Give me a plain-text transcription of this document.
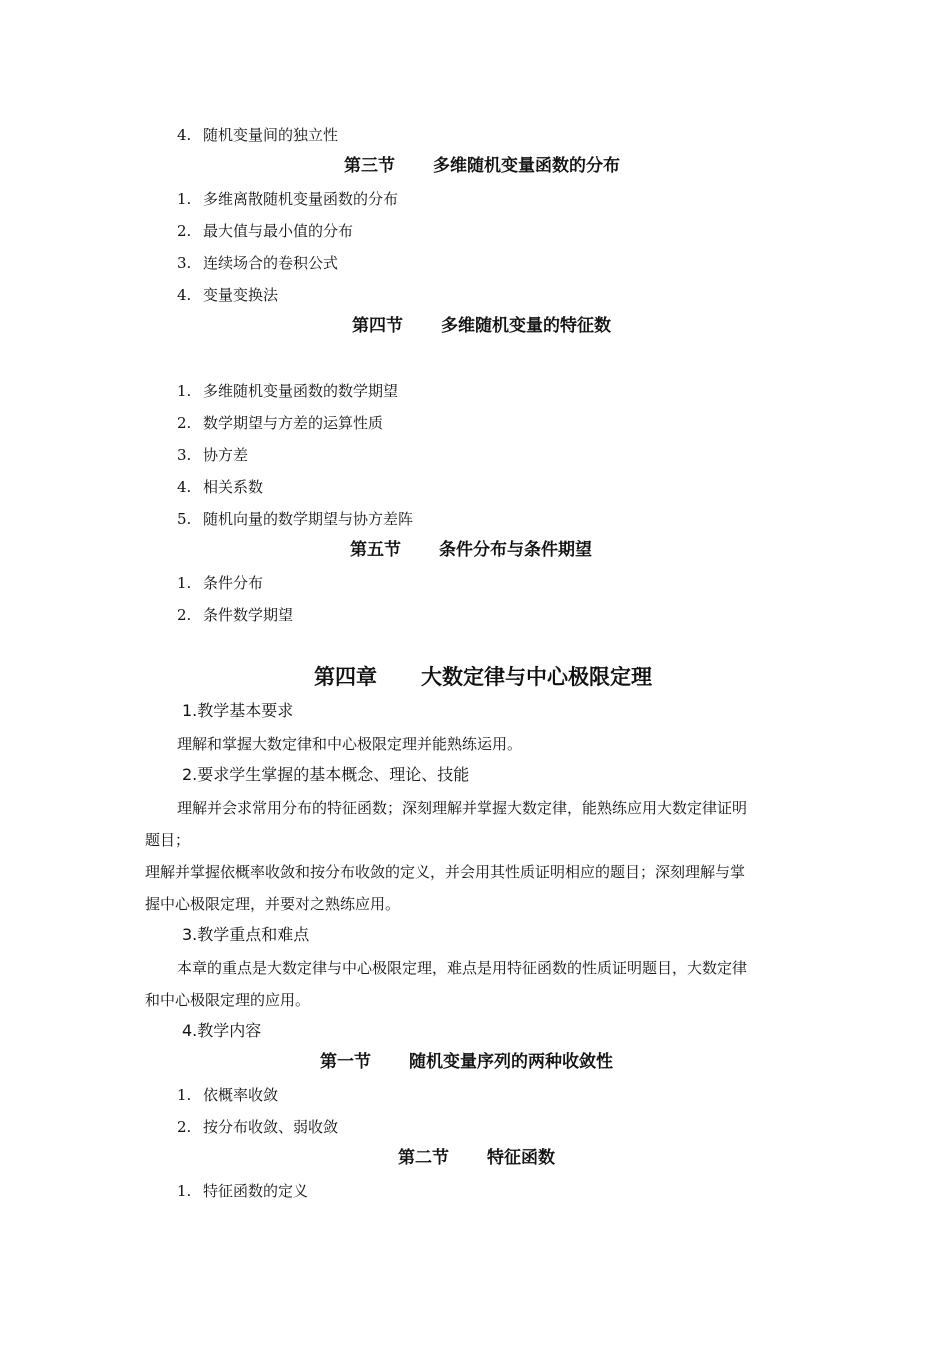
4. 随机变量间的独立性
第三节 多维随机变量函数的分布
1. 多维离散随机变量函数的分布
2. 最大值与最小值的分布
3. 连续场合的卷积公式
4. 变量变换法
第四节 多维随机变量的特征数
1. 多维随机变量函数的数学期望
2. 数学期望与方差的运算性质
3. 协方差
4. 相关系数
5. 随机向量的数学期望与协方差阵
第五节 条件分布与条件期望
1. 条件分布
2. 条件数学期望
第四章 大数定律与中心极限定理
1.教学基本要求
理解和掌握大数定律和中心极限定理并能熟练运用。
2.要求学生掌握的基本概念、理论、技能
理解并会求常用分布的特征函数；深刻理解并掌握大数定律，能熟练应用大数定律证明
题目；
理解并掌握依概率收敛和按分布收敛的定义，并会用其性质证明相应的题目；深刻理解与掌
握中心极限定理，并要对之熟练应用。
3.教学重点和难点
本章的重点是大数定律与中心极限定理，难点是用特征函数的性质证明题目，大数定律
和中心极限定理的应用。
4.教学内容
第一节 随机变量序列的两种收敛性
1. 依概率收敛
2. 按分布收敛、弱收敛
第二节 特征函数
1. 特征函数的定义
